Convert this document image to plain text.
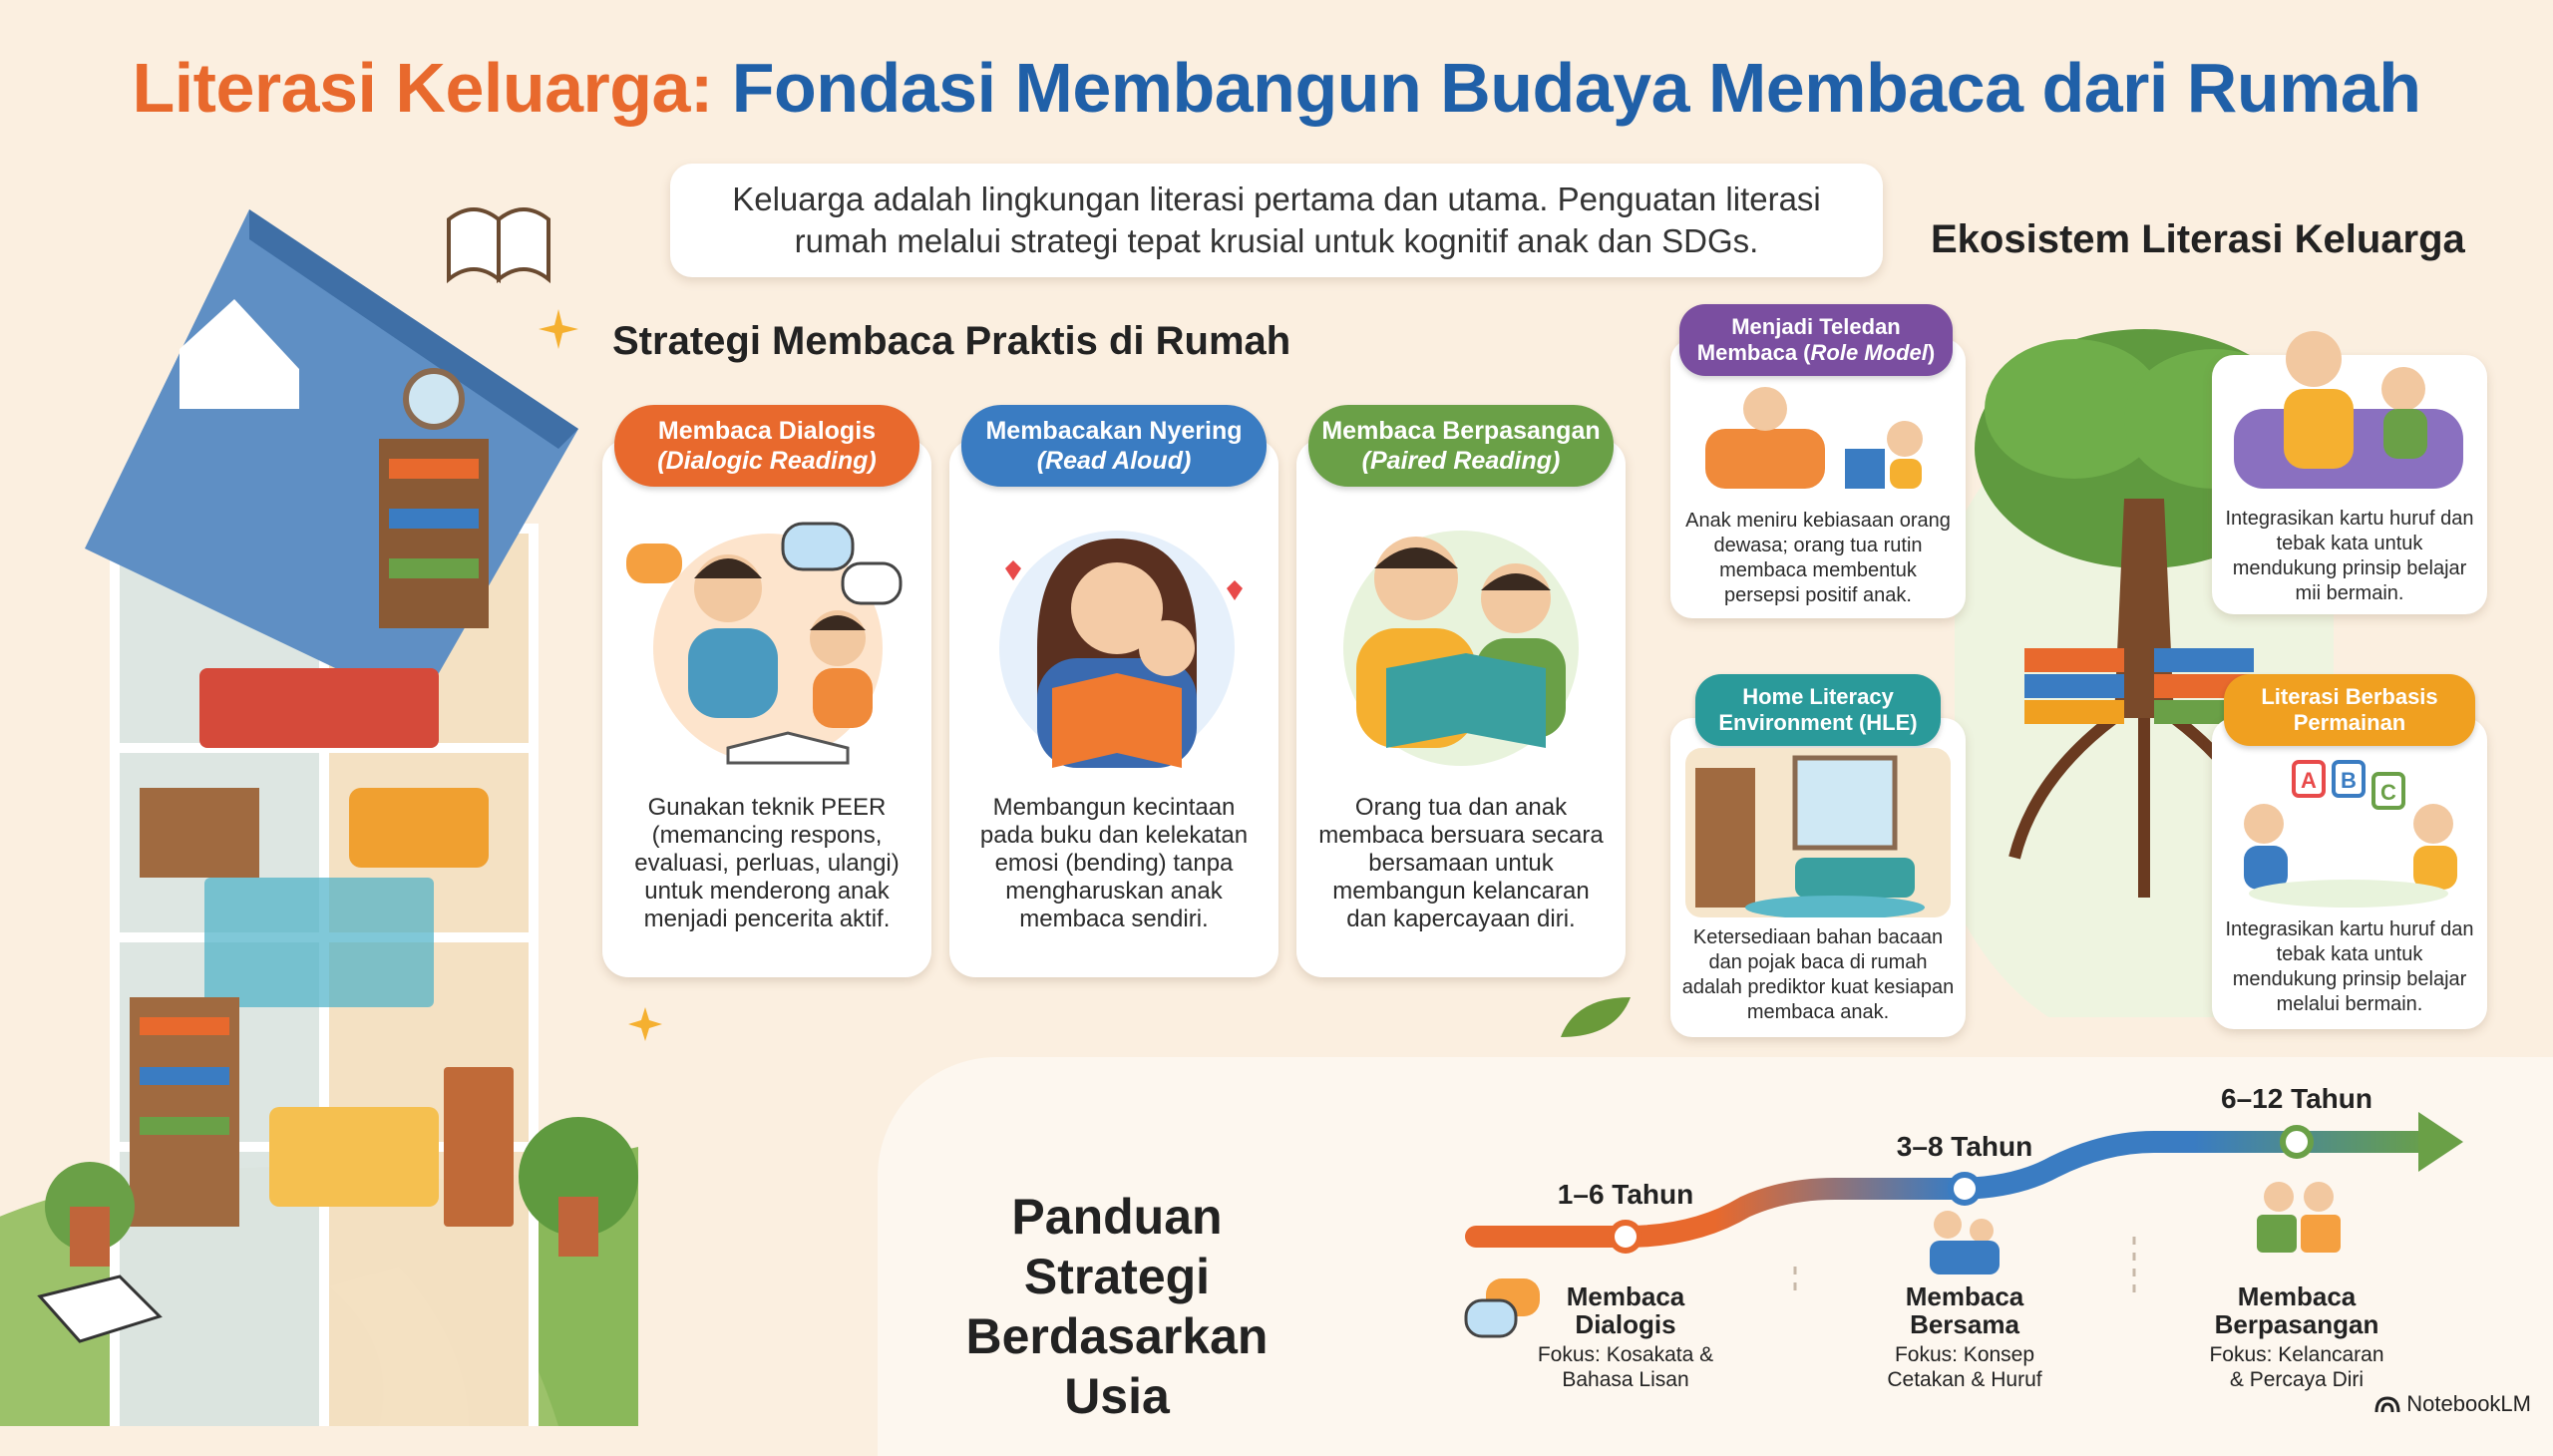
Literasi Keluarga: Fondasi Membangun Budaya Membaca dari Rumah
Keluarga adalah lingkungan literasi pertama dan utama. Penguatan literasi
rumah melalui strategi tepat krusial untuk kognitif anak dan SDGs.
Strategi Membaca Praktis di Rumah
Membaca Dialogis
(Dialogic Reading)
Membacakan Nyering
(Read Aloud)
Membaca Berpasangan
(Paired Reading)
Gunakan teknik PEER (memancing respons, evaluasi, perluas, ulangi) untuk menderong anak menjadi pencerita aktif.
Membangun kecintaan pada buku dan kelekatan emosi (bending) tanpa mengharuskan anak membaca sendiri.
Orang tua dan anak membaca bersuara secara bersamaan untuk membangun kelancaran dan kapercayaan diri.
Ekosistem Literasi Keluarga
Menjadi Teledan
Membaca (Role Model)
Anak meniru kebiasaan orang dewasa; orang tua rutin membaca membentuk persepsi positif anak.
Integrasikan kartu huruf dan tebak kata untuk mendukung prinsip belajar mii bermain.
Home Literacy
Environment (HLE)
Ketersediaan bahan bacaan dan pojak baca di rumah adalah prediktor kuat kesiapan membaca anak.
Literasi Berbasis
Permainan
A B C
Integrasikan kartu huruf dan tebak kata untuk mendukung prinsip belajar melalui bermain.
Panduan Strategi
Berdasarkan Usia
1–6 Tahun
3–8 Tahun
6–12 Tahun
Membaca
Dialogis
Membaca
Bersama
Membaca
Berpasangan
Fokus: Kosakata &
Bahasa Lisan
Fokus: Konsep
Cetakan & Huruf
Fokus: Kelancaran
& Percaya Diri
NotebookLM
